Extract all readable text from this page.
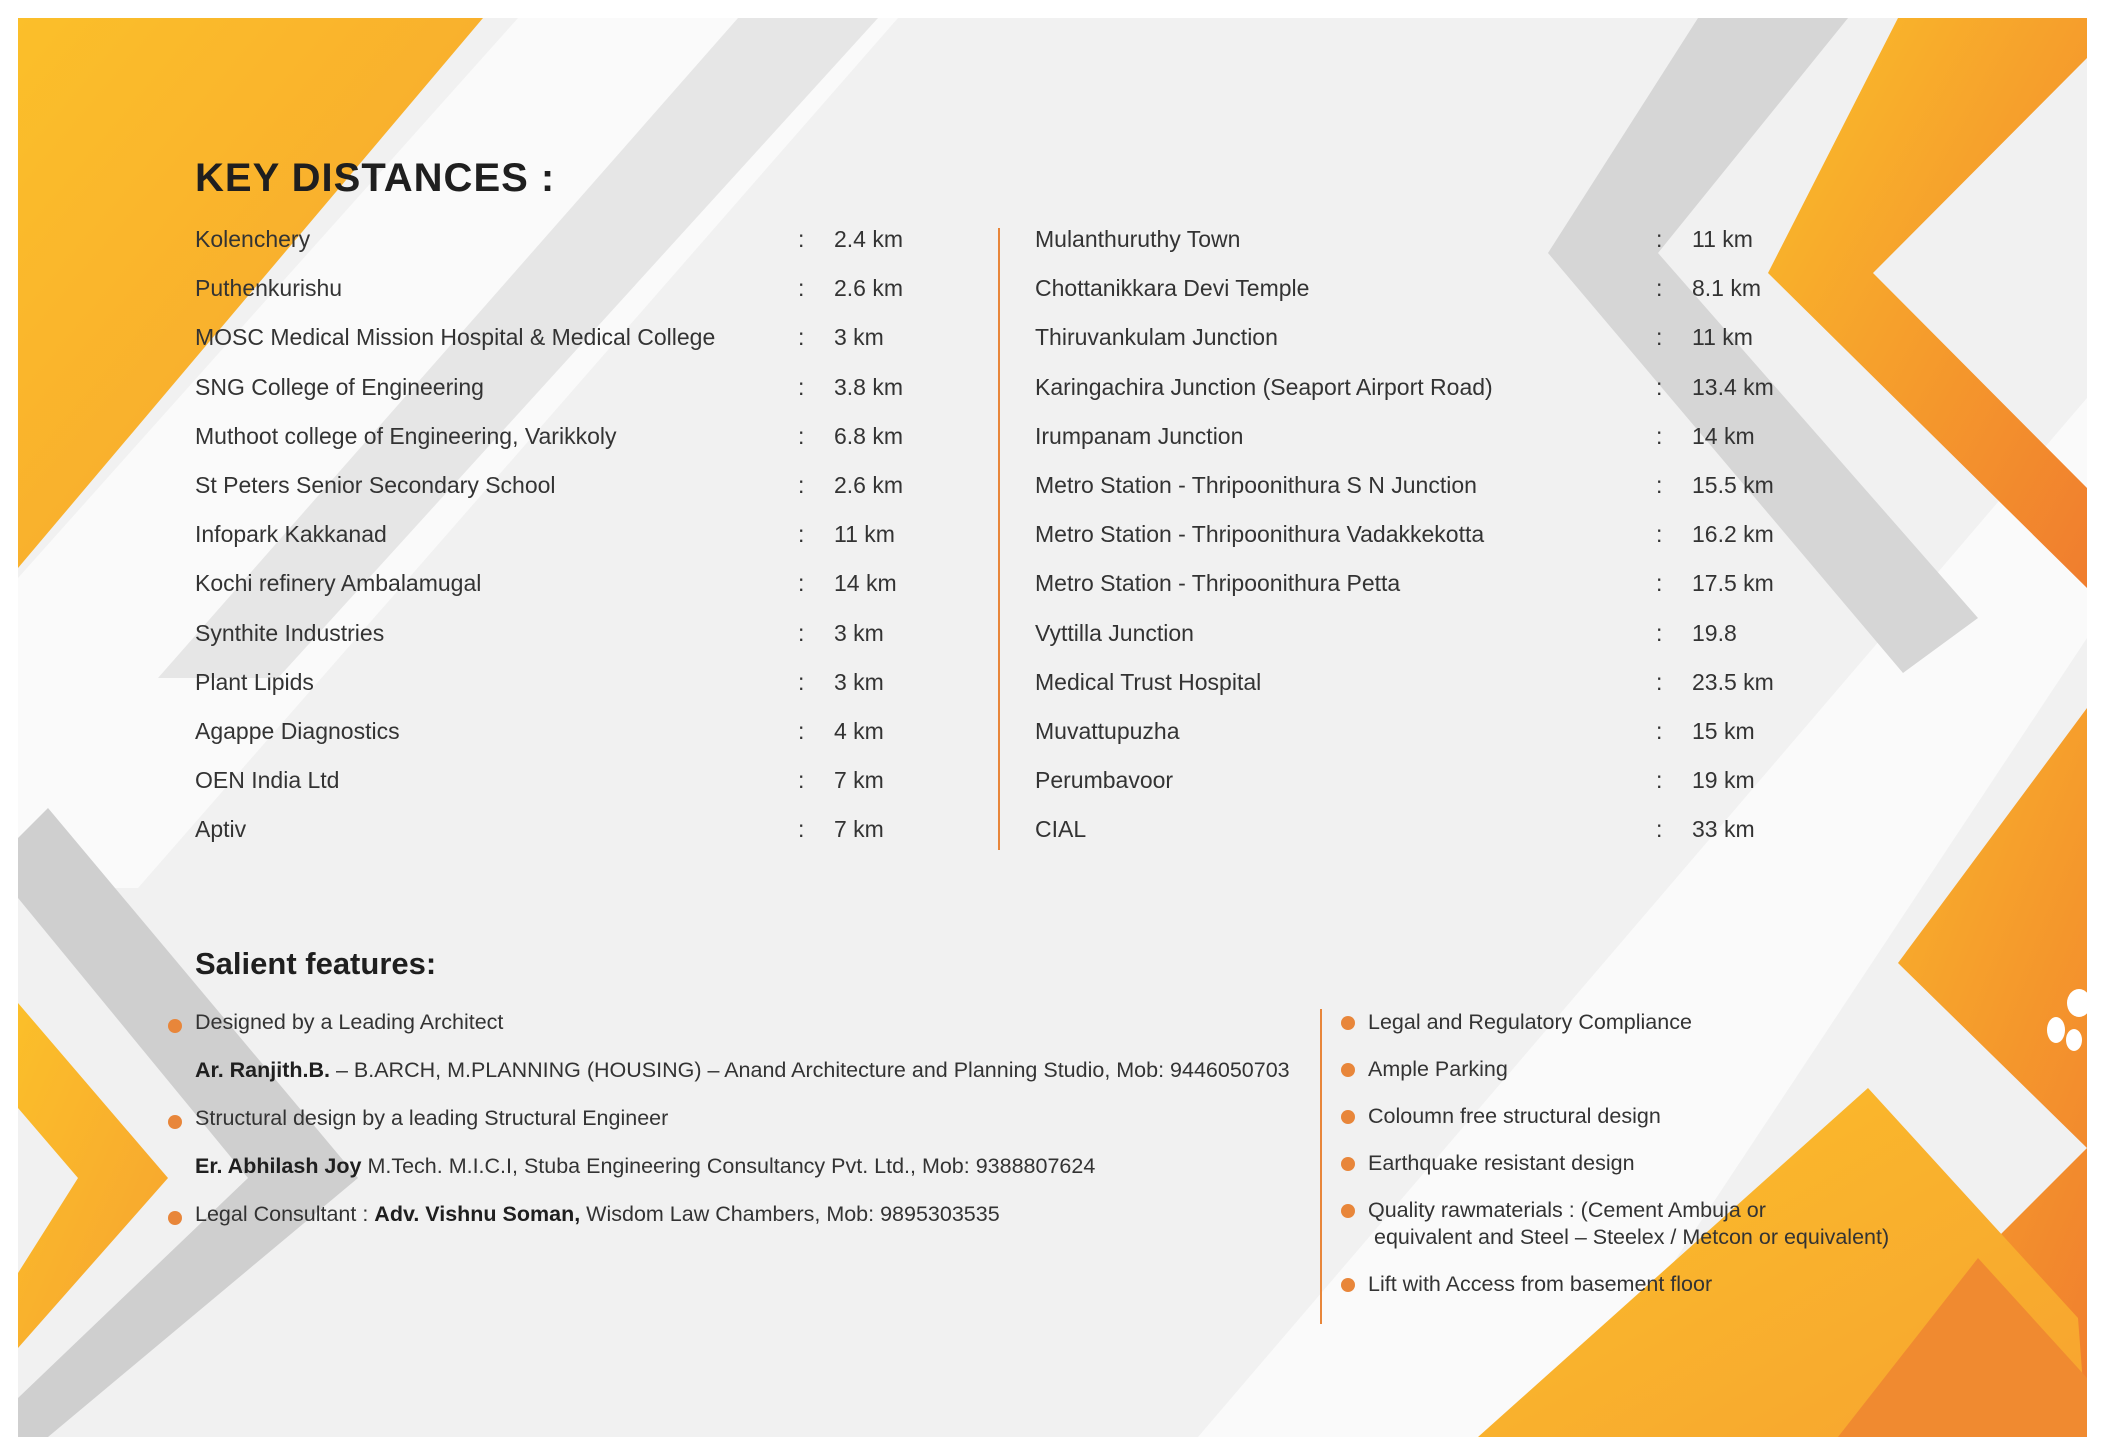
KEY DISTANCES :
Kolenchery	: 2.4 km
Puthenkurishu	: 2.6 km
MOSC Medical Mission Hospital & Medical College	: 3 km
SNG College of Engineering	: 3.8 km
Muthoot college of Engineering, Varikkoly	: 6.8 km
St Peters Senior Secondary School	: 2.6 km
Infopark Kakkanad	: 11 km
Kochi refinery Ambalamugal	: 14 km
Synthite Industries	: 3 km
Plant Lipids	: 3 km
Agappe Diagnostics	: 4 km
OEN India Ltd	: 7 km
Aptiv	: 7 km
Mulanthuruthy Town	: 11 km
Chottanikkara Devi Temple	: 8.1 km
Thiruvankulam Junction	: 11 km
Karingachira Junction (Seaport Airport Road)	: 13.4 km
Irumpanam Junction	: 14 km
Metro Station - Thripoonithura S N Junction	: 15.5 km
Metro Station - Thripoonithura Vadakkekotta	: 16.2 km
Metro Station - Thripoonithura Petta	: 17.5 km
Vyttilla Junction	: 19.8
Medical Trust Hospital	: 23.5 km
Muvattupuzha	: 15 km
Perumbavoor	: 19 km
CIAL	: 33 km
Salient features:
Designed by a Leading Architect
Ar. Ranjith.B. – B.ARCH, M.PLANNING (HOUSING) – Anand Architecture and Planning Studio, Mob: 9446050703
Structural design by a leading Structural Engineer
Er. Abhilash Joy M.Tech. M.I.C.I, Stuba Engineering Consultancy Pvt. Ltd., Mob: 9388807624
Legal Consultant : Adv. Vishnu Soman, Wisdom Law Chambers, Mob: 9895303535
Legal and Regulatory Compliance
Ample Parking
Coloumn free structural design
Earthquake resistant design
Quality rawmaterials : (Cement Ambuja or
equivalent and Steel – Steelex / Metcon or equivalent)
Lift with Access from basement floor
